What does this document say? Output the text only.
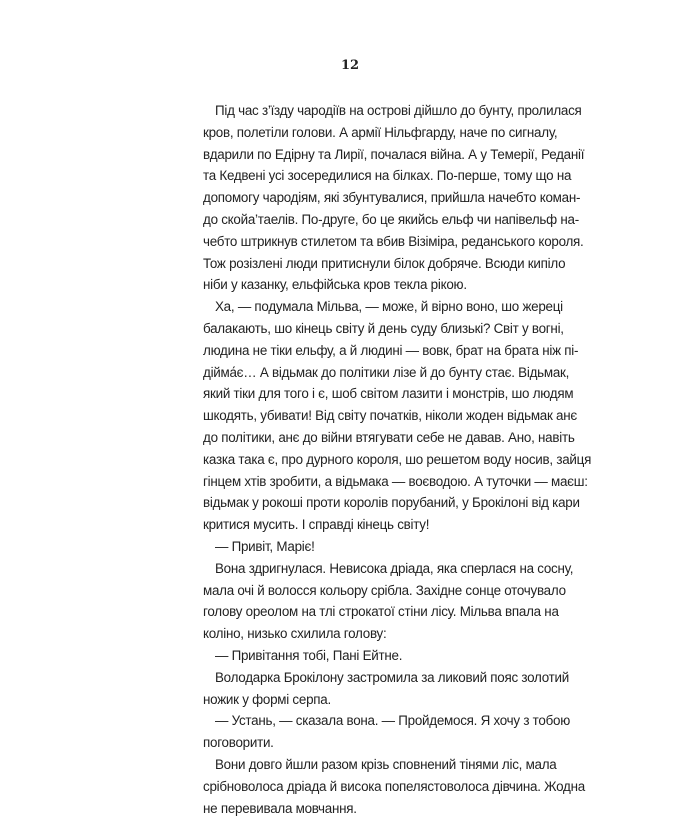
12
Під час з’їзду чародіїв на острові дійшло до бунту, пролилася
кров, полетіли голови. А армії Нільфгарду, наче по сигналу,
вдарили по Едірну та Лирії, почалася війна. А у Темерії, Реданії
та Кедвені усі зосередилися на білках. По-перше, тому що на
допомогу чародіям, які збунтувалися, прийшла начебто коман-
до скойа’таелів. По-друге, бо це якийсь ельф чи напівельф на-
чебто штрикнув стилетом та вбив Візіміра, реданського короля.
Тож розізлені люди притиснули білок добряче. Всюди кипіло
ніби у казанку, ельфійська кров текла рікою.
Ха, — подумала Мільва, — може, й вірно воно, шо жереці
балакають, шо кінець світу й день суду близькі? Світ у вогні,
людина не тіки ельфу, а й людині — вовк, брат на брата ніж пі-
дійма́є… А відьмак до політики лізе й до бунту стає. Відьмак,
який тіки для того і є, шоб світом лазити і монстрів, шо людям
шкодять, убивати! Від світу початків, ніколи жоден відьмак анє
до політики, анє до війни втягувати себе не давав. Ано, навіть
казка така є, про дурного короля, шо решетом воду носив, зайця
гінцем хтів зробити, а відьмака — воєводою. А туточки — маєш:
відьмак у рокоші проти королів порубаний, у Брокілоні від кари
критися мусить. І справді кінець світу!
— Привіт, Маріє!
Вона здригнулася. Невисока дріада, яка сперлася на сосну,
мала очі й волосся кольору срібла. Західне сонце оточувало
голову ореолом на тлі строкатої стіни лісу. Мільва впала на
коліно, низько схилила голову:
— Привітання тобі, Пані Ейтне.
Володарка Брокілону застромила за ликовий пояс золотий
ножик у формі серпа.
— Устань, — сказала вона. — Пройдемося. Я хочу з тобою
поговорити.
Вони довго йшли разом крізь сповнений тінями ліс, мала
срібноволоса дріада й висока попелястоволоса дівчина. Жодна
не перевивала мовчання.
